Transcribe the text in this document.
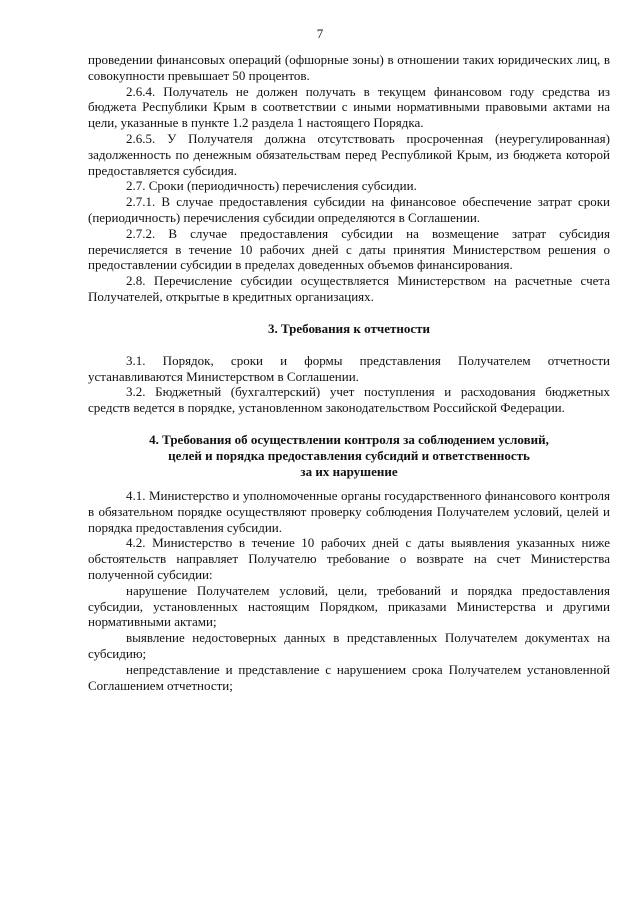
7

проведении финансовых операций (офшорные зоны) в отношении таких юридических лиц, в совокупности превышает 50 процентов.

2.6.4. Получатель не должен получать в текущем финансовом году средства из бюджета Республики Крым в соответствии с иными нормативными правовыми актами на цели, указанные в пункте 1.2 раздела 1 настоящего Порядка.

2.6.5. У Получателя должна отсутствовать просроченная (неурегулированная) задолженность по денежным обязательствам перед Республикой Крым, из бюджета которой предоставляется субсидия.

2.7. Сроки (периодичность) перечисления субсидии.

2.7.1. В случае предоставления субсидии на финансовое обеспечение затрат сроки (периодичность) перечисления субсидии определяются в Соглашении.

2.7.2. В случае предоставления субсидии на возмещение затрат субсидия перечисляется в течение 10 рабочих дней с даты принятия Министерством решения о предоставлении субсидии в пределах доведенных объемов финансирования.

2.8. Перечисление субсидии осуществляется Министерством на расчетные счета Получателей, открытые в кредитных организациях.

3. Требования к отчетности

3.1. Порядок, сроки и формы представления Получателем отчетности устанавливаются Министерством в Соглашении.

3.2. Бюджетный (бухгалтерский) учет поступления и расходования бюджетных средств ведется в порядке, установленном законодательством Российской Федерации.

4. Требования об осуществлении контроля за соблюдением условий,

целей и порядка предоставления субсидий и ответственность

за их нарушение

4.1. Министерство и уполномоченные органы государственного финансового контроля в обязательном порядке осуществляют проверку соблюдения Получателем условий, целей и порядка предоставления субсидии.

4.2. Министерство в течение 10 рабочих дней с даты выявления указанных ниже обстоятельств направляет Получателю требование о возврате на счет Министерства полученной субсидии:

нарушение Получателем условий, цели, требований и порядка предоставления субсидии, установленных настоящим Порядком, приказами Министерства и другими нормативными актами;

выявление недостоверных данных в представленных Получателем документах на субсидию;

непредставление и представление с нарушением срока Получателем установленной Соглашением отчетности;
